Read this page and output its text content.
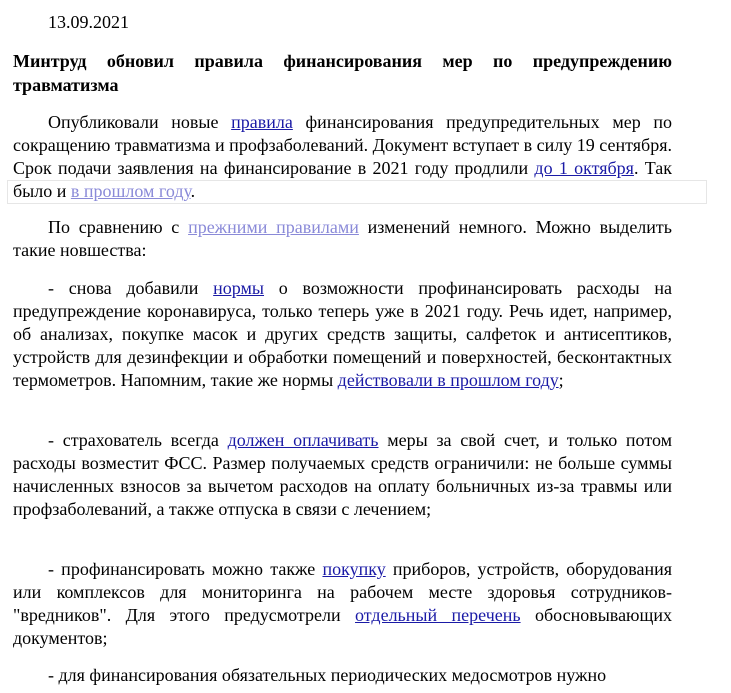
13.09.2021
Минтруд обновил правила финансирования мер по предупреждению травматизма

Опубликовали новые правила финансирования предупредительных мер по сокращению травматизма и профзаболеваний. Документ вступает в силу 19 сентября. Срок подачи заявления на финансирование в 2021 году продлили до 1 октября. Так было и в прошлом году.

По сравнению с прежними правилами изменений немного. Можно выделить такие новшества:

- снова добавили нормы о возможности профинансировать расходы на предупреждение коронавируса, только теперь уже в 2021 году. Речь идет, например, об анализах, покупке масок и других средств защиты, салфеток и антисептиков, устройств для дезинфекции и обработки помещений и поверхностей, бесконтактных термометров. Напомним, такие же нормы действовали в прошлом году;

- страхователь всегда должен оплачивать меры за свой счет, и только потом расходы возместит ФСС. Размер получаемых средств ограничили: не больше суммы начисленных взносов за вычетом расходов на оплату больничных из-за травмы или профзаболеваний, а также отпуска в связи с лечением;

- профинансировать можно также покупку приборов, устройств, оборудования или комплексов для мониторинга на рабочем месте здоровья сотрудников-"вредников". Для этого предусмотрели отдельный перечень обосновывающих документов;

- для финансирования обязательных периодических медосмотров нужно
